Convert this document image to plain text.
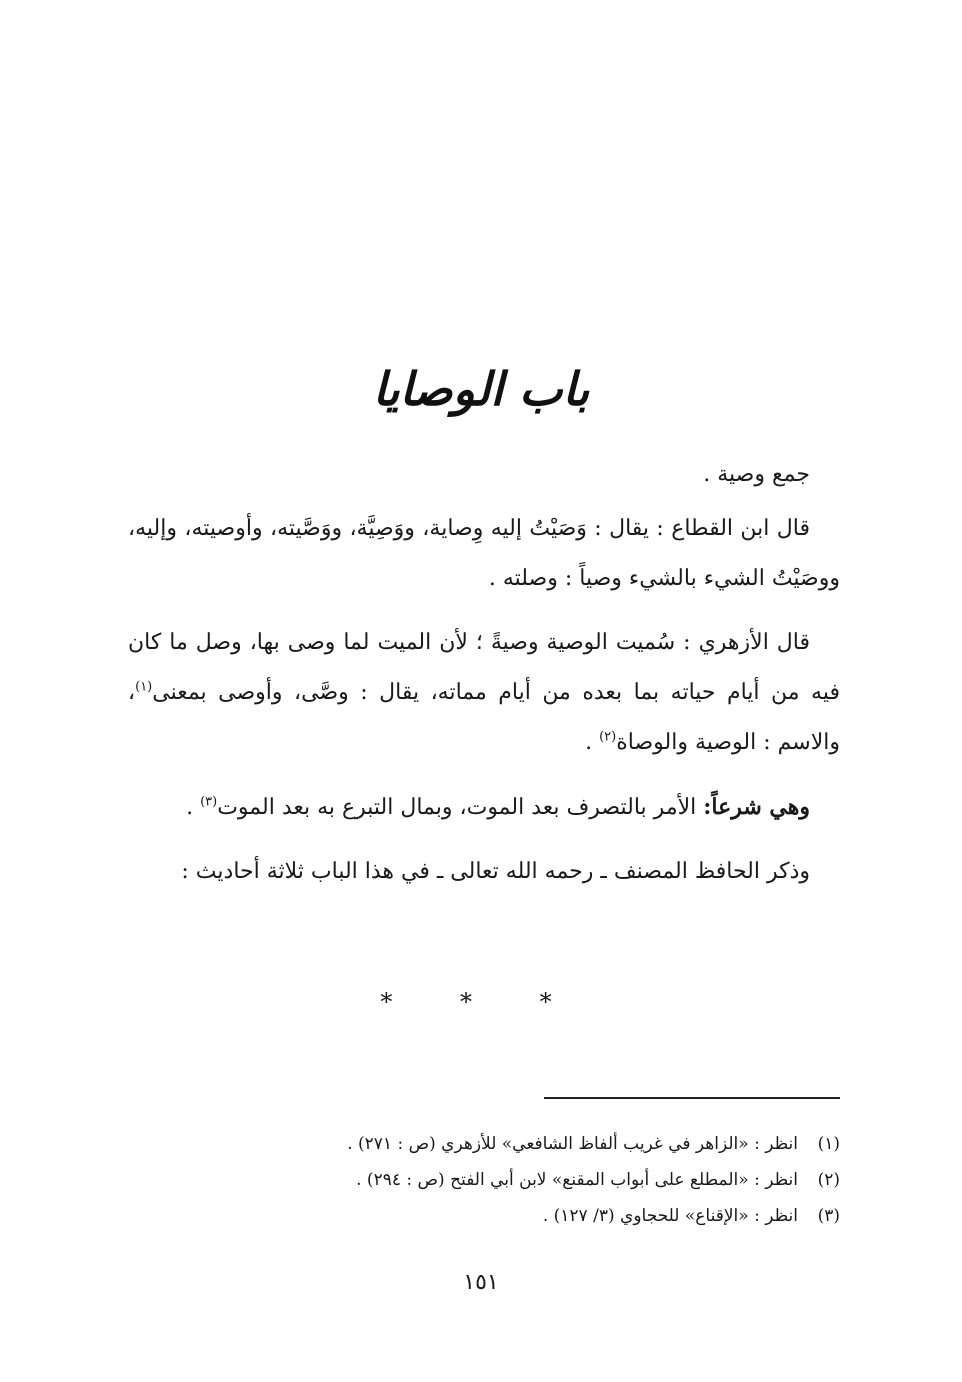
باب الوصايا

جمع وصية .

قال ابن القطاع : يقال : وَصَيْتُ إليه وِصاية، ووَصِيَّة، ووَصَّيته، وأوصيته، وإليه، ووصَيْتُ الشيء بالشيء وصياً : وصلته .

قال الأزهري : سُميت الوصية وصيةً ؛ لأن الميت لما وصى بها، وصل ما كان فيه من أيام حياته بما بعده من أيام مماته، يقال : وصَّى، وأوصى بمعنى$^{(١)}$، والاسم : الوصية والوصاة$^{(٢)}$ .

وهي شرعاً: الأمر بالتصرف بعد الموت، وبمال التبرع به بعد الموت$^{(٣)}$ .

وذكر الحافظ المصنف ـ رحمه الله تعالى ـ في هذا الباب ثلاثة أحاديث :

* * *
(١)انظر : «الزاهر في غريب ألفاظ الشافعي» للأزهري (ص : ٢٧١) .
(٢)انظر : «المطلع على أبواب المقنع» لابن أبي الفتح (ص : ٢٩٤) .
(٣)انظر : «الإقناع» للحجاوي (٣/ ١٢٧) .
١٥١
